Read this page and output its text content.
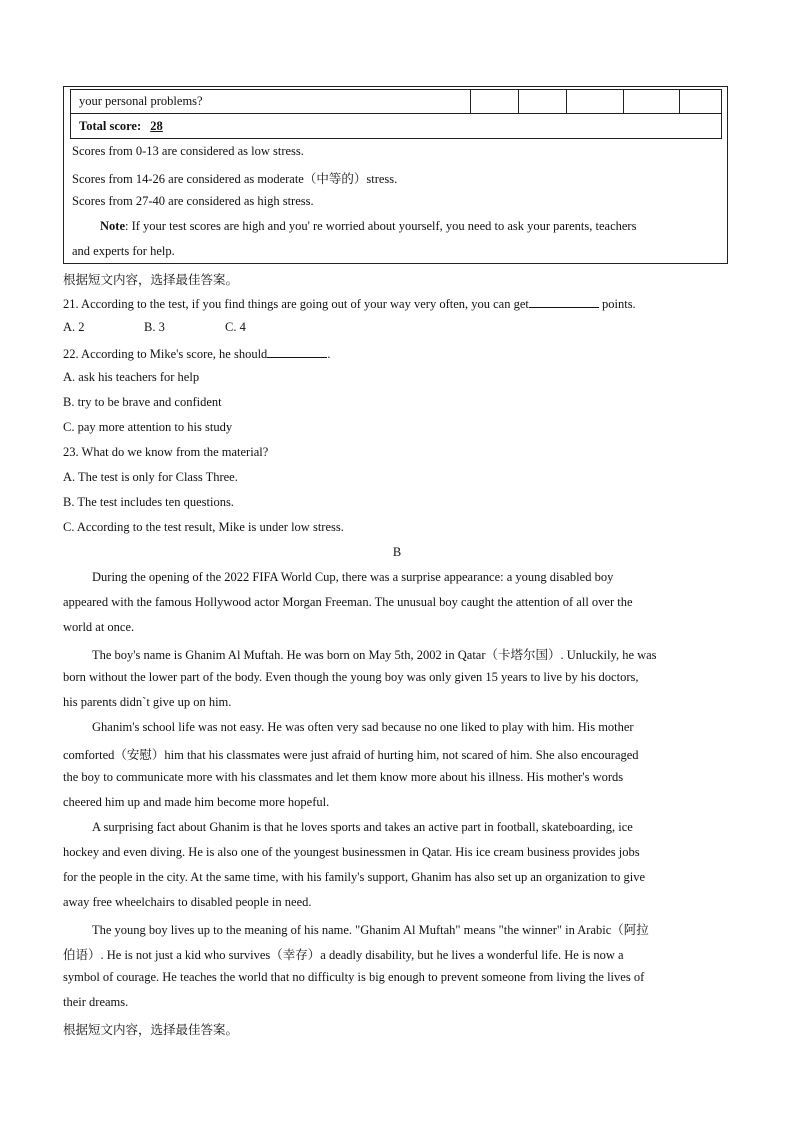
your personal problems?					
Total score: 28
Scores from 0-13 are considered as low stress.
Scores from 14-26 are considered as moderate（中等的）stress.
Scores from 27-40 are considered as high stress.
Note: If your test scores are high and you' re worried about yourself, you need to ask your parents, teachers
and experts for help.
根据短文内容，选择最佳答案。
21. According to the test, if you find things are going out of your way very often, you can get	points.
A. 2	B. 3	C. 4
22. According to Mike's score, he should	.
A. ask his teachers for help
B. try to be brave and confident
C. pay more attention to his study
23. What do we know from the material?
A. The test is only for Class Three.
B. The test includes ten questions.
C. According to the test result, Mike is under low stress.
B
During the opening of the 2022 FIFA World Cup, there was a surprise appearance: a young disabled boy
appeared with the famous Hollywood actor Morgan Freeman. The unusual boy caught the attention of all over the
world at once.
The boy's name is Ghanim Al Muftah. He was born on May 5th, 2002 in Qatar（卡塔尔国）. Unluckily, he was
born without the lower part of the body. Even though the young boy was only given 15 years to live by his doctors,
his parents didn`t give up on him.
Ghanim's school life was not easy. He was often very sad because no one liked to play with him. His mother
comforted（安慰）him that his classmates were just afraid of hurting him, not scared of him. She also encouraged
the boy to communicate more with his classmates and let them know more about his illness. His mother's words
cheered him up and made him become more hopeful.
A surprising fact about Ghanim is that he loves sports and takes an active part in football, skateboarding, ice
hockey and even diving. He is also one of the youngest businessmen in Qatar. His ice cream business provides jobs
for the people in the city. At the same time, with his family's support, Ghanim has also set up an organization to give
away free wheelchairs to disabled people in need.
The young boy lives up to the meaning of his name. "Ghanim Al Muftah" means "the winner" in Arabic（阿拉
伯语）. He is not just a kid who survives（幸存）a deadly disability, but he lives a wonderful life. He is now a
symbol of courage. He teaches the world that no difficulty is big enough to prevent someone from living the lives of
their dreams.
根据短文内容，选择最佳答案。
